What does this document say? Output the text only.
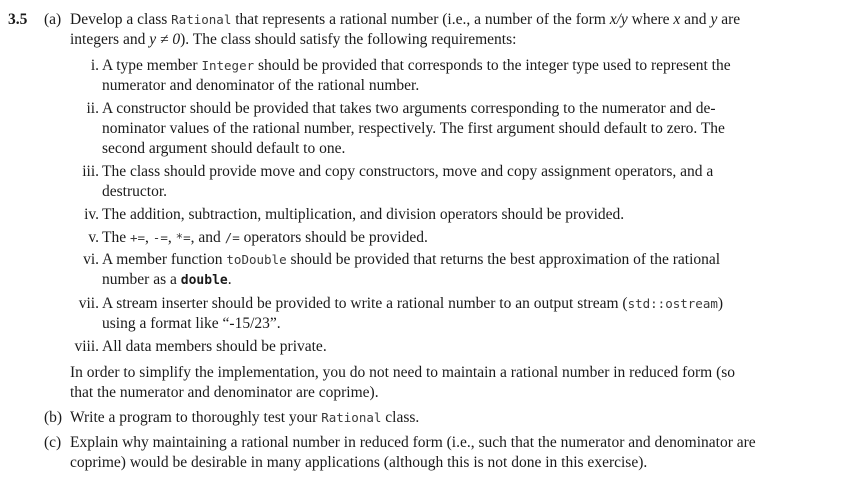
3.5 (a) Develop a class Rational that represents a rational number (i.e., a number of the form x/y where x and y are integers and y ≠ 0). The class should satisfy the following requirements:
i. A type member Integer should be provided that corresponds to the integer type used to represent the numerator and denominator of the rational number.
ii. A constructor should be provided that takes two arguments corresponding to the numerator and de-nominator values of the rational number, respectively. The first argument should default to zero. The second argument should default to one.
iii. The class should provide move and copy constructors, move and copy assignment operators, and a destructor.
iv. The addition, subtraction, multiplication, and division operators should be provided.
v. The +=, -=, *=, and /= operators should be provided.
vi. A member function toDouble should be provided that returns the best approximation of the rational number as a double.
vii. A stream inserter should be provided to write a rational number to an output stream (std::ostream) using a format like “-15/23”.
viii. All data members should be private.
In order to simplify the implementation, you do not need to maintain a rational number in reduced form (so that the numerator and denominator are coprime).
(b) Write a program to thoroughly test your Rational class.
(c) Explain why maintaining a rational number in reduced form (i.e., such that the numerator and denominator are coprime) would be desirable in many applications (although this is not done in this exercise).
